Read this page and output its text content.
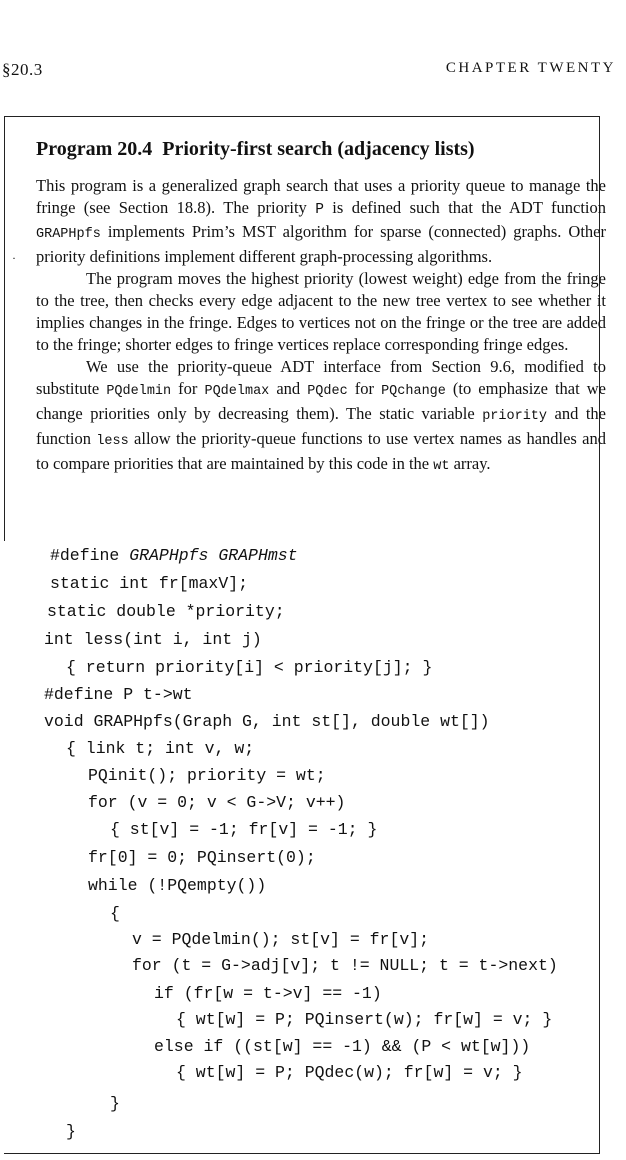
§20.3	CHAPTER TWENTY
·
Program 20.4 Priority-first search (adjacency lists)

This program is a generalized graph search that uses a priority queue to manage the fringe (see Section 18.8). The priority P is defined such that the ADT function GRAPHpfs implements Prim’s MST algorithm for sparse (connected) graphs. Other priority definitions implement different graph-processing algorithms.

The program moves the highest priority (lowest weight) edge from the fringe to the tree, then checks every edge adjacent to the new tree vertex to see whether it implies changes in the fringe. Edges to vertices not on the fringe or the tree are added to the fringe; shorter edges to fringe vertices replace corresponding fringe edges.

We use the priority-queue ADT interface from Section 9.6, modified to substitute PQdelmin for PQdelmax and PQdec for PQchange (to emphasize that we change priorities only by decreasing them). The static variable priority and the function less allow the priority-queue functions to use vertex names as handles and to compare priorities that are maintained by this code in the wt array.

#define GRAPHpfs GRAPHmst
static int fr[maxV];
static double *priority;
int less(int i, int j)
{ return priority[i] < priority[j]; }
#define P t->wt
void GRAPHpfs(Graph G, int st[], double wt[])
{ link t; int v, w;
PQinit(); priority = wt;
for (v = 0; v < G->V; v++)
{ st[v] = -1; fr[v] = -1; }
fr[0] = 0; PQinsert(0);
while (!PQempty())
{
v = PQdelmin(); st[v] = fr[v];
for (t = G->adj[v]; t != NULL; t = t->next)
if (fr[w = t->v] == -1)
{ wt[w] = P; PQinsert(w); fr[w] = v; }
else if ((st[w] == -1) && (P < wt[w]))
{ wt[w] = P; PQdec(w); fr[w] = v; }
}
}
